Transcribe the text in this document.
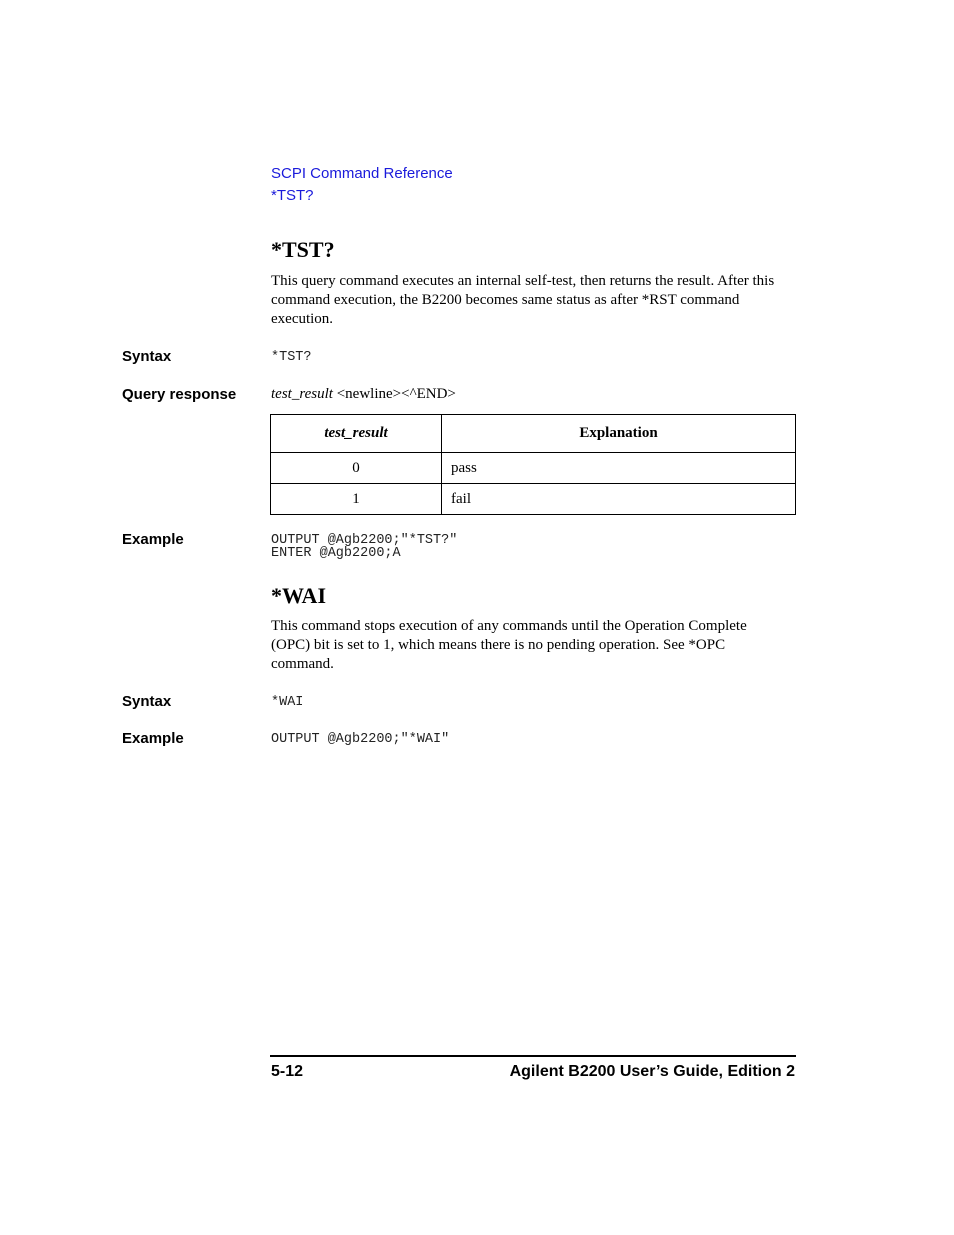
SCPI Command Reference
*TST?
*TST?

This query command executes an internal self-test, then returns the result. After this command execution, the B2200 becomes same status as after *RST command execution.

Syntax	*TST?
Query response test_result <newline><^END>
test_result	Explanation
0	pass
1	fail
Example	OUTPUT @Agb2200;"*TST?"
ENTER @Agb2200;A
*WAI

This command stops execution of any commands until the Operation Complete (OPC) bit is set to 1, which means there is no pending operation. See *OPC command.

Syntax	*WAI
Example	OUTPUT @Agb2200;"*WAI"
5-12	Agilent B2200 User’s Guide, Edition 2
